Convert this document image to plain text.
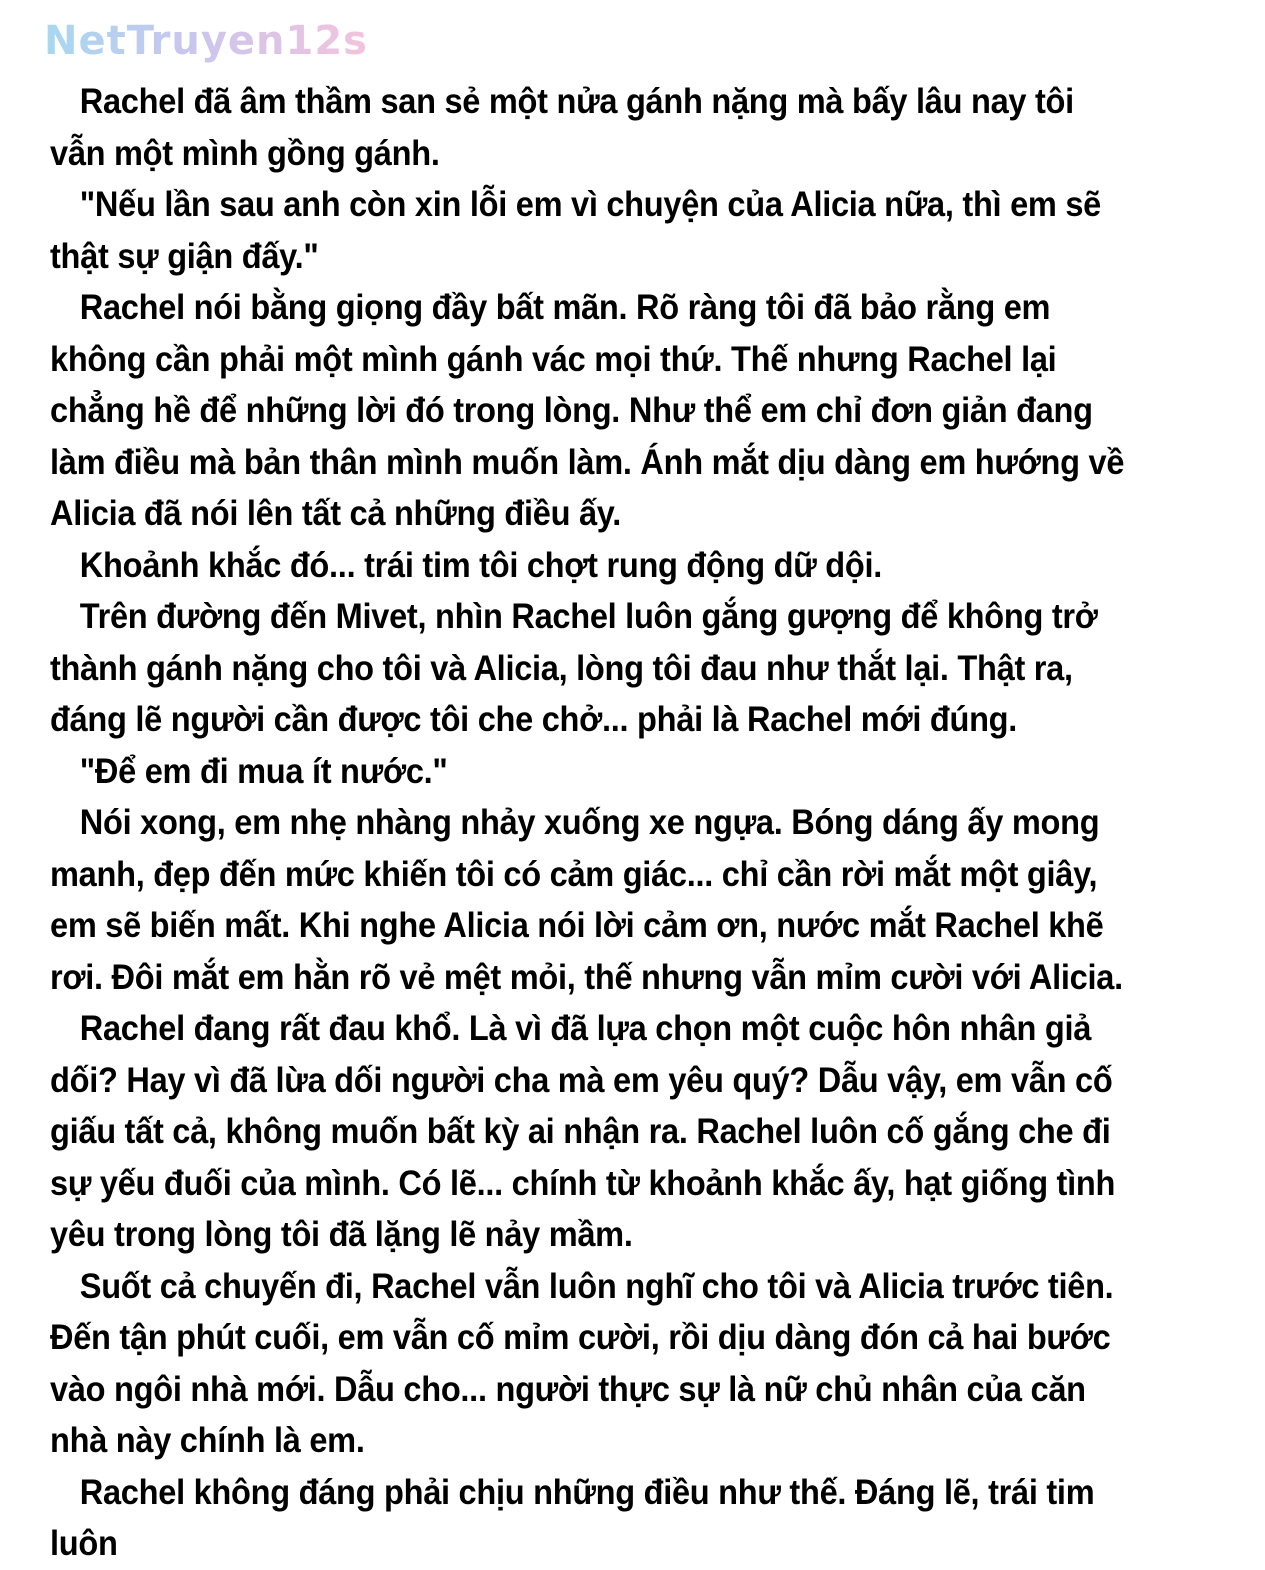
NetTruyen12s

Rachel đã âm thầm san sẻ một nửa gánh nặng mà bấy lâu nay tôi vẫn một mình gồng gánh.

"Nếu lần sau anh còn xin lỗi em vì chuyện của Alicia nữa, thì em sẽ thật sự giận đấy."

Rachel nói bằng giọng đầy bất mãn. Rõ ràng tôi đã bảo rằng em không cần phải một mình gánh vác mọi thứ. Thế nhưng Rachel lại chẳng hề để những lời đó trong lòng. Như thể em chỉ đơn giản đang làm điều mà bản thân mình muốn làm. Ánh mắt dịu dàng em hướng về Alicia đã nói lên tất cả những điều ấy.

Khoảnh khắc đó... trái tim tôi chợt rung động dữ dội.

Trên đường đến Mivet, nhìn Rachel luôn gắng gượng để không trở thành gánh nặng cho tôi và Alicia, lòng tôi đau như thắt lại. Thật ra, đáng lẽ người cần được tôi che chở... phải là Rachel mới đúng.

"Để em đi mua ít nước."

Nói xong, em nhẹ nhàng nhảy xuống xe ngựa. Bóng dáng ấy mong manh, đẹp đến mức khiến tôi có cảm giác... chỉ cần rời mắt một giây, em sẽ biến mất. Khi nghe Alicia nói lời cảm ơn, nước mắt Rachel khẽ rơi. Đôi mắt em hằn rõ vẻ mệt mỏi, thế nhưng vẫn mỉm cười với Alicia.

Rachel đang rất đau khổ. Là vì đã lựa chọn một cuộc hôn nhân giả dối? Hay vì đã lừa dối người cha mà em yêu quý? Dẫu vậy, em vẫn cố giấu tất cả, không muốn bất kỳ ai nhận ra. Rachel luôn cố gắng che đi sự yếu đuối của mình. Có lẽ... chính từ khoảnh khắc ấy, hạt giống tình yêu trong lòng tôi đã lặng lẽ nảy mầm.

Suốt cả chuyến đi, Rachel vẫn luôn nghĩ cho tôi và Alicia trước tiên. Đến tận phút cuối, em vẫn cố mỉm cười, rồi dịu dàng đón cả hai bước vào ngôi nhà mới. Dẫu cho... người thực sự là nữ chủ nhân của căn nhà này chính là em.

Rachel không đáng phải chịu những điều như thế. Đáng lẽ, trái tim luôn
